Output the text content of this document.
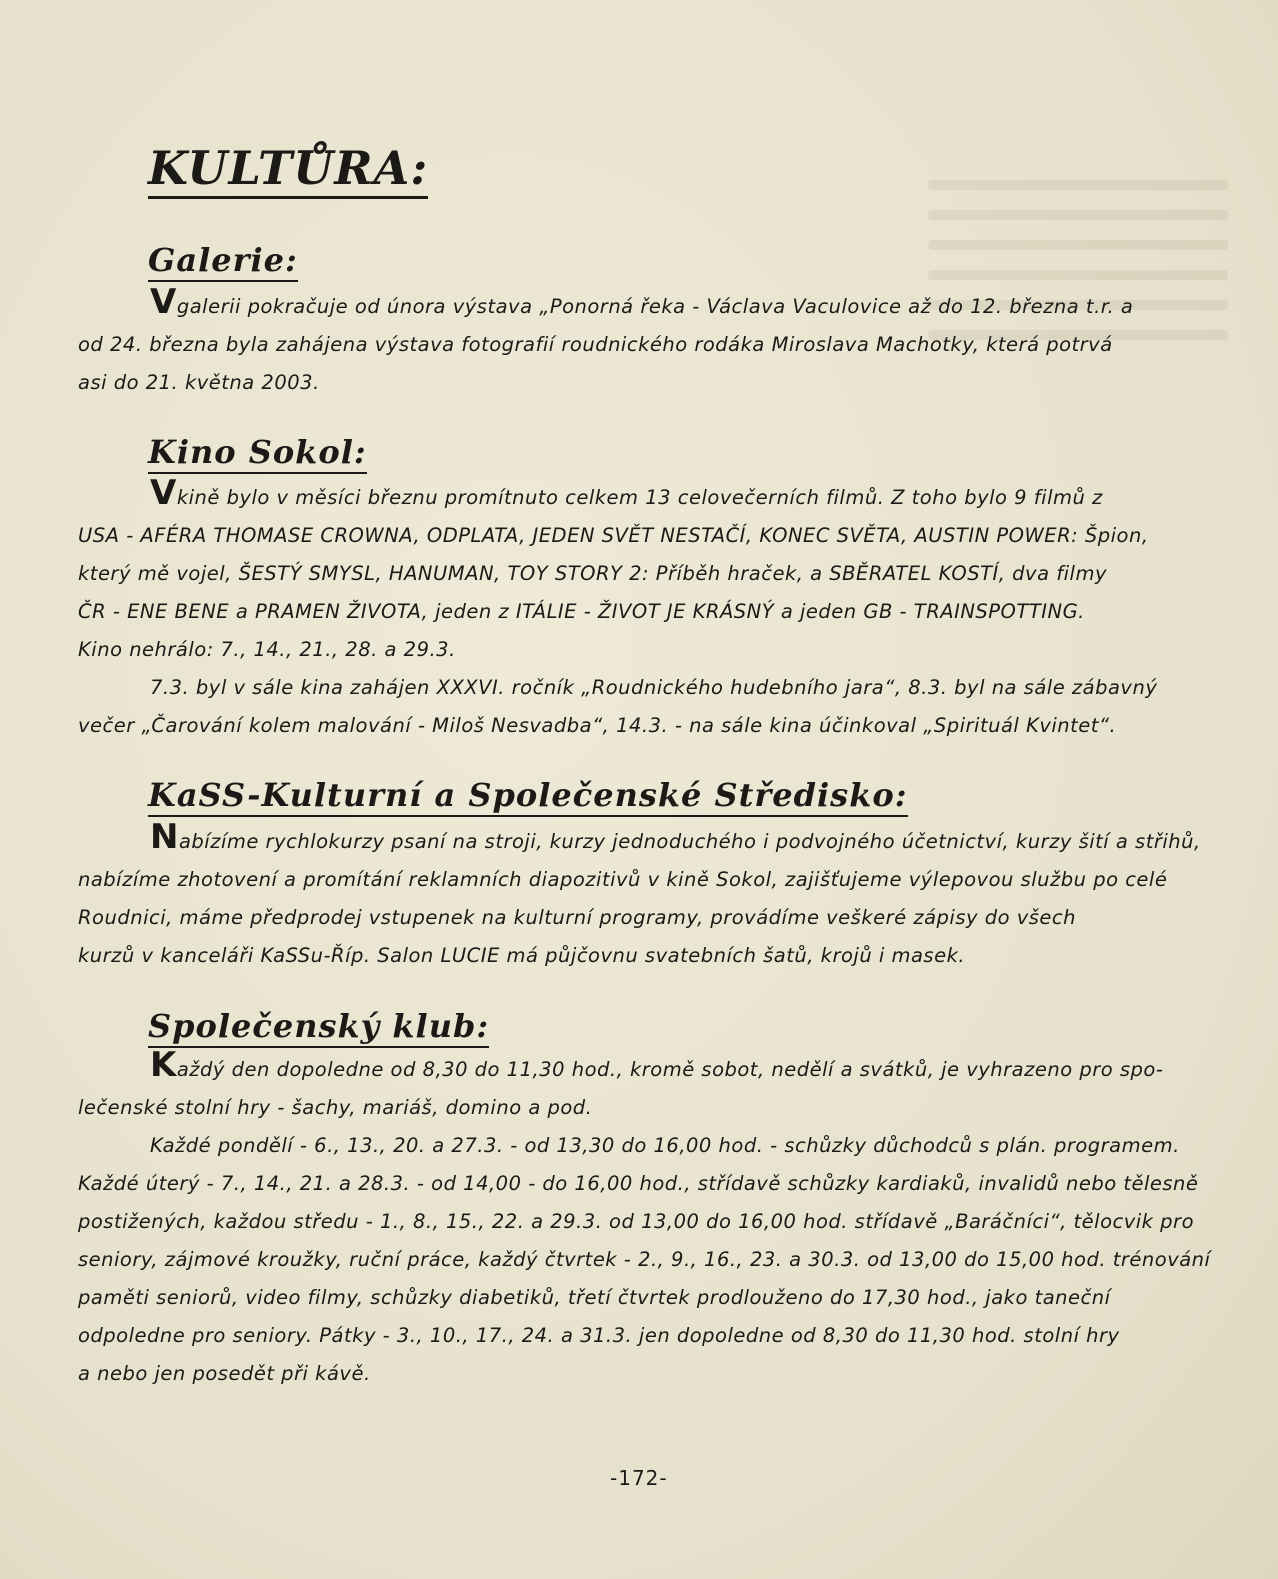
KULTŮRA:
Galerie:
Vgalerii pokračuje od února výstava „Ponorná řeka - Václava Vaculovice až do 12. března t.r. a
od 24. března byla zahájena výstava fotografií roudnického rodáka Miroslava Machotky, která potrvá
asi do 21. května 2003.
Kino Sokol:
Vkině bylo v měsíci březnu promítnuto celkem 13 celovečerních filmů. Z toho bylo 9 filmů z
USA - AFÉRA THOMASE CROWNA, ODPLATA, JEDEN SVĚT NESTAČÍ, KONEC SVĚTA, AUSTIN POWER: Špion,
který mě vojel, ŠESTÝ SMYSL, HANUMAN, TOY STORY 2: Příběh hraček, a SBĚRATEL KOSTÍ, dva filmy
ČR - ENE BENE a PRAMEN ŽIVOTA, jeden z ITÁLIE - ŽIVOT JE KRÁSNÝ a jeden GB - TRAINSPOTTING.
Kino nehrálo: 7., 14., 21., 28. a 29.3.
7.3. byl v sále kina zahájen XXXVI. ročník „Roudnického hudebního jara“, 8.3. byl na sále zábavný
večer „Čarování kolem malování - Miloš Nesvadba“, 14.3. - na sále kina účinkoval „Spirituál Kvintet“.
KaSS-Kulturní a Společenské Středisko:
Nabízíme rychlokurzy psaní na stroji, kurzy jednoduchého i podvojného účetnictví, kurzy šití a střihů,
nabízíme zhotovení a promítání reklamních diapozitivů v kině Sokol, zajišťujeme výlepovou službu po celé
Roudnici, máme předprodej vstupenek na kulturní programy, provádíme veškeré zápisy do všech
kurzů v kanceláři KaSSu-Říp. Salon LUCIE má půjčovnu svatebních šatů, krojů i masek.
Společenský klub:
Každý den dopoledne od 8,30 do 11,30 hod., kromě sobot, nedělí a svátků, je vyhrazeno pro spo-
lečenské stolní hry - šachy, mariáš, domino a pod.
Každé pondělí - 6., 13., 20. a 27.3. - od 13,30 do 16,00 hod. - schůzky důchodců s plán. programem.
Každé úterý - 7., 14., 21. a 28.3. - od 14,00 - do 16,00 hod., střídavě schůzky kardiaků, invalidů nebo tělesně
postižených, každou středu - 1., 8., 15., 22. a 29.3. od 13,00 do 16,00 hod. střídavě „Baráčníci“, tělocvik pro
seniory, zájmové kroužky, ruční práce, každý čtvrtek - 2., 9., 16., 23. a 30.3. od 13,00 do 15,00 hod. trénování
paměti seniorů, video filmy, schůzky diabetiků, třetí čtvrtek prodlouženo do 17,30 hod., jako taneční
odpoledne pro seniory. Pátky - 3., 10., 17., 24. a 31.3. jen dopoledne od 8,30 do 11,30 hod. stolní hry
a nebo jen posedět při kávě.
-172-
